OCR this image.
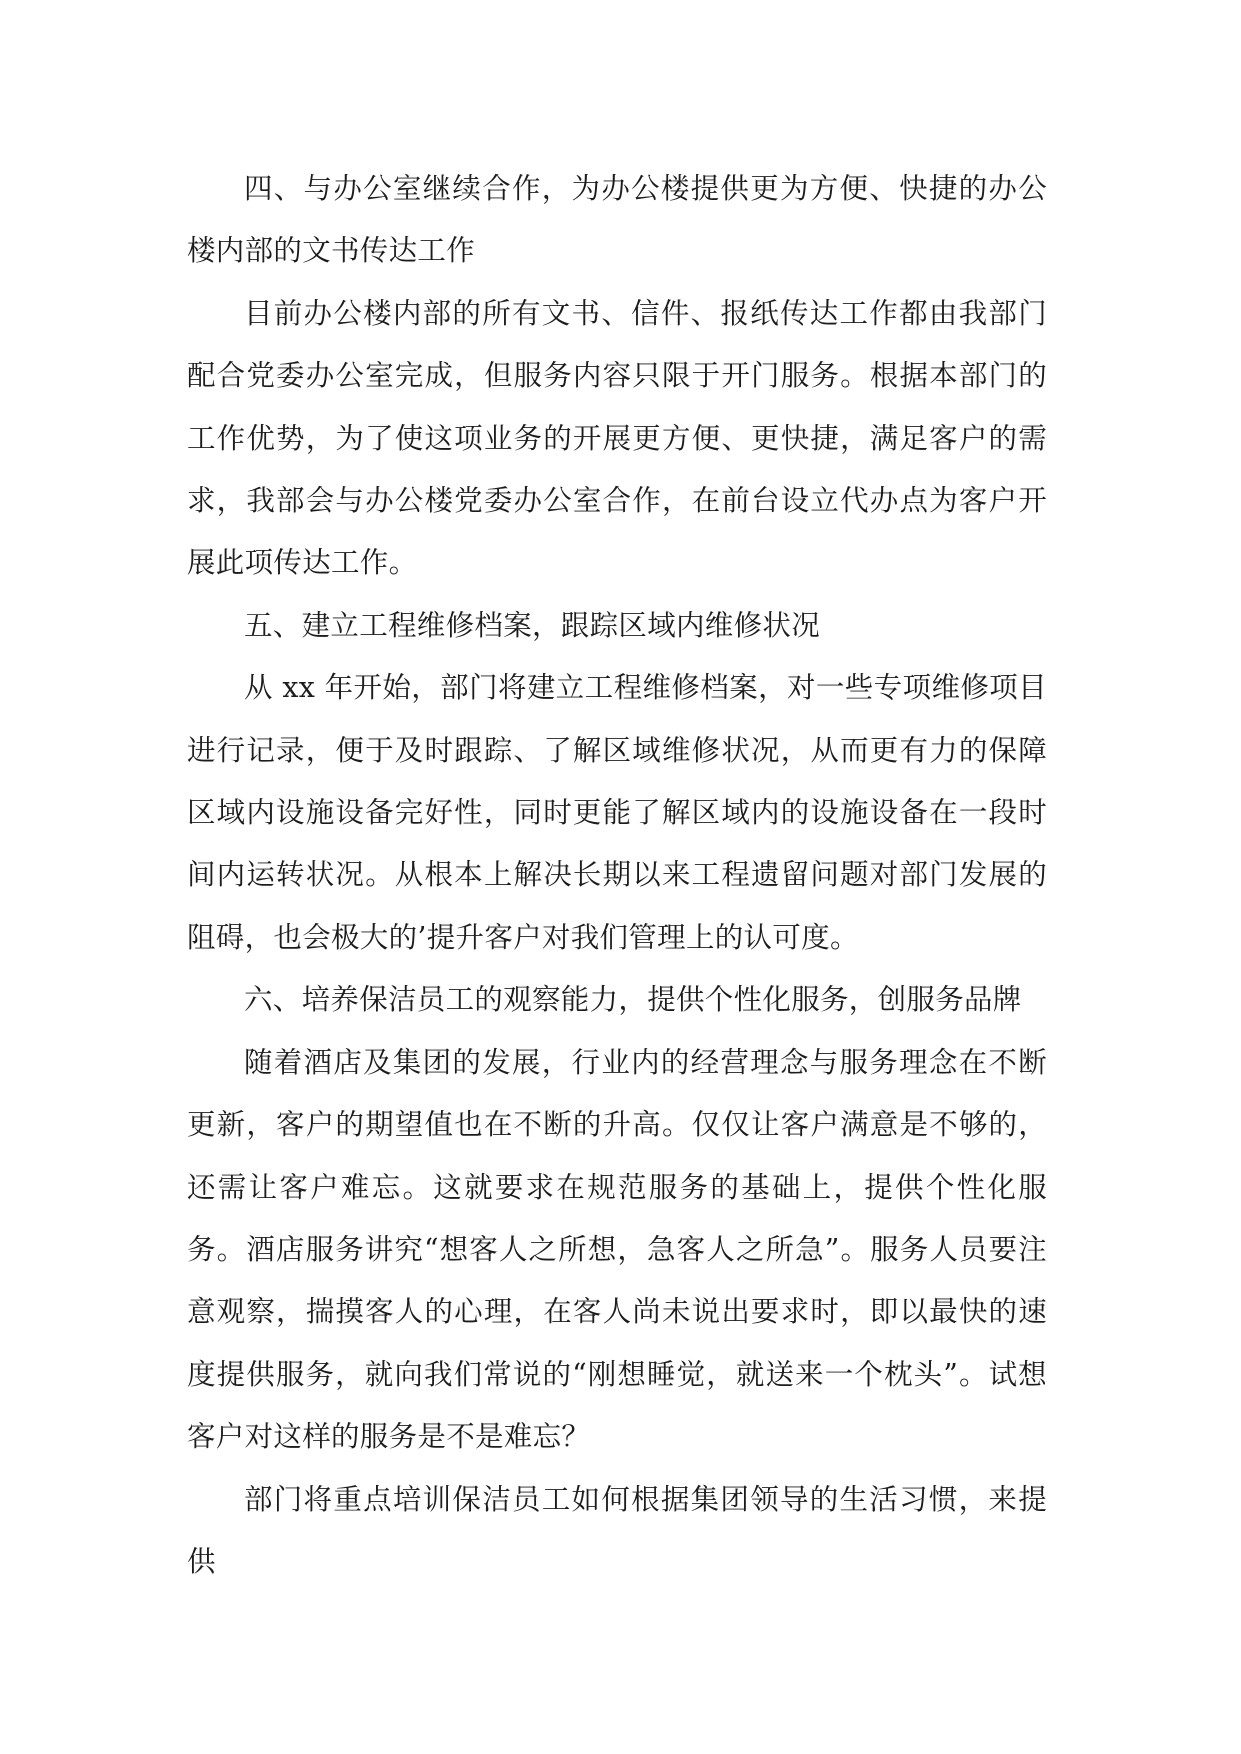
四、与办公室继续合作，为办公楼提供更为方便、快捷的办公楼内部的文书传达工作

目前办公楼内部的所有文书、信件、报纸传达工作都由我部门配合党委办公室完成，但服务内容只限于开门服务。根据本部门的工作优势，为了使这项业务的开展更方便、更快捷，满足客户的需求，我部会与办公楼党委办公室合作，在前台设立代办点为客户开展此项传达工作。

五、建立工程维修档案，跟踪区域内维修状况

从 xx 年开始，部门将建立工程维修档案，对一些专项维修项目进行记录，便于及时跟踪、了解区域维修状况，从而更有力的保障区域内设施设备完好性，同时更能了解区域内的设施设备在一段时间内运转状况。从根本上解决长期以来工程遗留问题对部门发展的阻碍，也会极大的’提升客户对我们管理上的认可度。

六、培养保洁员工的观察能力，提供个性化服务，创服务品牌

随着酒店及集团的发展，行业内的经营理念与服务理念在不断更新，客户的期望值也在不断的升高。仅仅让客户满意是不够的，还需让客户难忘。这就要求在规范服务的基础上，提供个性化服务。酒店服务讲究“想客人之所想，急客人之所急”。服务人员要注意观察，揣摸客人的心理，在客人尚未说出要求时，即以最快的速度提供服务，就向我们常说的“刚想睡觉，就送来一个枕头”。试想客户对这样的服务是不是难忘？

部门将重点培训保洁员工如何根据集团领导的生活习惯，来提供
